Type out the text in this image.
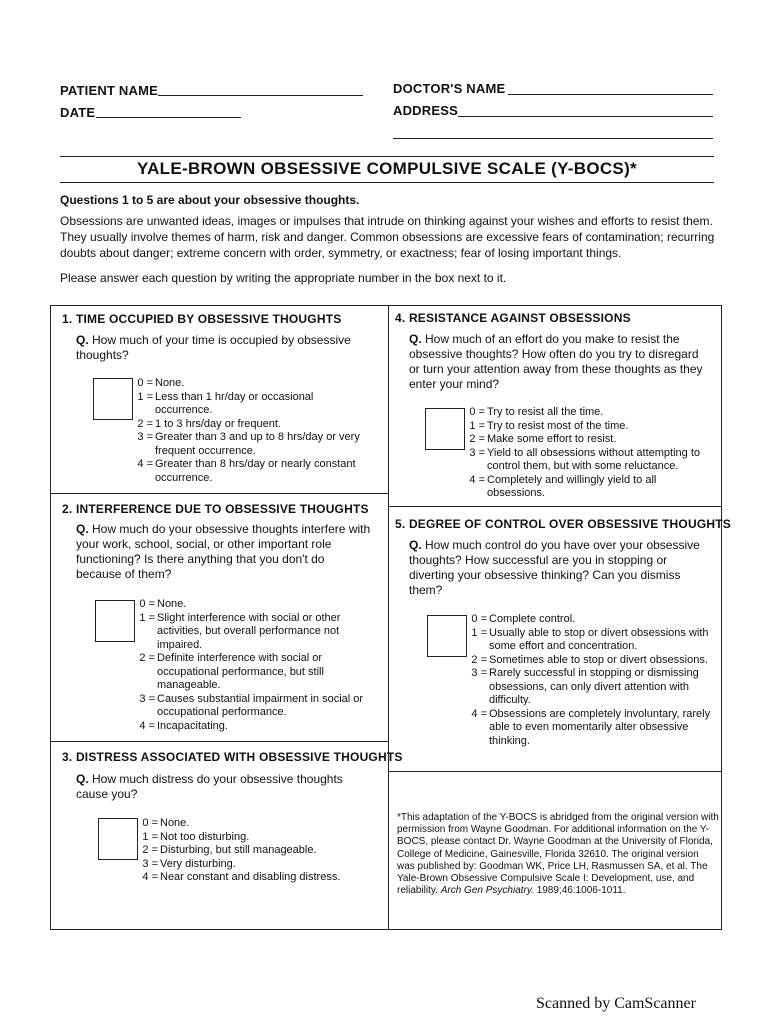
PATIENT NAME
DATE
DOCTOR'S NAME
ADDRESS
YALE-BROWN OBSESSIVE COMPULSIVE SCALE (Y-BOCS)*
Questions 1 to 5 are about your obsessive thoughts.
Obsessions are unwanted ideas, images or impulses that intrude on thinking against your wishes and efforts to resist them. They usually involve themes of harm, risk and danger. Common obsessions are excessive fears of contamination; recurring doubts about danger; extreme concern with order, symmetry, or exactness; fear of losing important things.
Please answer each question by writing the appropriate number in the box next to it.
1. TIME OCCUPIED BY OBSESSIVE THOUGHTS
Q. How much of your time is occupied by obsessive thoughts?
0 = None.
1 = Less than 1 hr/day or occasional occurrence.
2 = 1 to 3 hrs/day or frequent.
3 = Greater than 3 and up to 8 hrs/day or very frequent occurrence.
4 = Greater than 8 hrs/day or nearly constant occurrence.
2. INTERFERENCE DUE TO OBSESSIVE THOUGHTS
Q. How much do your obsessive thoughts interfere with your work, school, social, or other important role functioning? Is there anything that you don't do because of them?
0 = None.
1 = Slight interference with social or other activities, but overall performance not impaired.
2 = Definite interference with social or occupational performance, but still manageable.
3 = Causes substantial impairment in social or occupational performance.
4 = Incapacitating.
3. DISTRESS ASSOCIATED WITH OBSESSIVE THOUGHTS
Q. How much distress do your obsessive thoughts cause you?
0 = None.
1 = Not too disturbing.
2 = Disturbing, but still manageable.
3 = Very disturbing.
4 = Near constant and disabling distress.
4. RESISTANCE AGAINST OBSESSIONS
Q. How much of an effort do you make to resist the obsessive thoughts? How often do you try to disregard or turn your attention away from these thoughts as they enter your mind?
0 = Try to resist all the time.
1 = Try to resist most of the time.
2 = Make some effort to resist.
3 = Yield to all obsessions without attempting to control them, but with some reluctance.
4 = Completely and willingly yield to all obsessions.
5. DEGREE OF CONTROL OVER OBSESSIVE THOUGHTS
Q. How much control do you have over your obsessive thoughts? How successful are you in stopping or diverting your obsessive thinking? Can you dismiss them?
0 = Complete control.
1 = Usually able to stop or divert obsessions with some effort and concentration.
2 = Sometimes able to stop or divert obsessions.
3 = Rarely successful in stopping or dismissing obsessions, can only divert attention with difficulty.
4 = Obsessions are completely involuntary, rarely able to even momentarily alter obsessive thinking.
*This adaptation of the Y-BOCS is abridged from the original version with permission from Wayne Goodman. For additional information on the Y-BOCS, please contact Dr. Wayne Goodman at the University of Florida, College of Medicine, Gainesville, Florida 32610. The original version was published by: Goodman WK, Price LH, Rasmussen SA, et al. The Yale-Brown Obsessive Compulsive Scale I: Development, use, and reliability. Arch Gen Psychiatry. 1989;46:1006-1011.
Scanned by CamScanner
